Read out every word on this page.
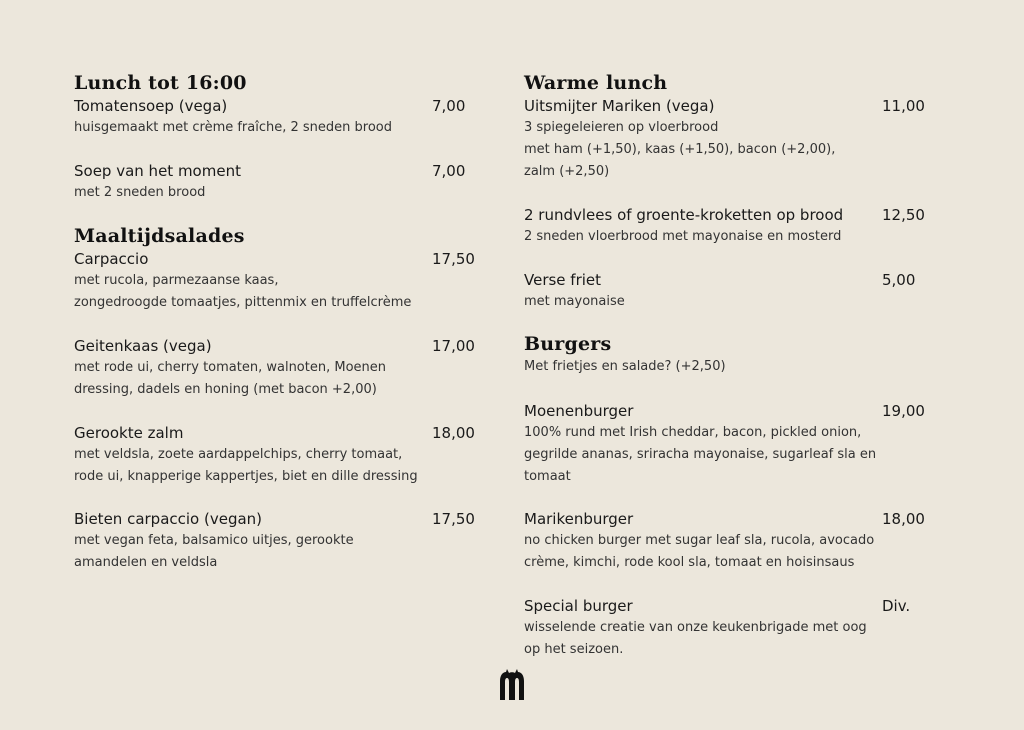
Lunch tot 16:00
Tomatensoep (vega)
huisgemaakt met crème fraîche, 2 sneden brood
7,00
Soep van het moment
met 2 sneden brood
7,00
Maaltijdsalades
Carpaccio
met rucola, parmezaanse kaas,
zongedroogde tomaatjes, pittenmix en truffelcrème
17,50
Geitenkaas (vega)
met rode ui, cherry tomaten, walnoten, Moenen
dressing, dadels en honing (met bacon +2,00)
17,00
Gerookte zalm
met veldsla, zoete aardappelchips, cherry tomaat,
rode ui, knapperige kappertjes, biet en dille dressing
18,00
Bieten carpaccio (vegan)
met vegan feta, balsamico uitjes, gerookte
amandelen en veldsla
17,50
Warme lunch
Uitsmijter Mariken (vega)
3 spiegeleieren op vloerbrood
met ham (+1,50), kaas (+1,50), bacon (+2,00),
zalm (+2,50)
11,00
2 rundvlees of groente-kroketten op brood
2 sneden vloerbrood met mayonaise en mosterd
12,50
Verse friet
met mayonaise
5,00
Burgers
Met frietjes en salade? (+2,50)
Moenenburger
100% rund met Irish cheddar, bacon, pickled onion,
gegrilde ananas, sriracha mayonaise, sugarleaf sla en
tomaat
19,00
Marikenburger
no chicken burger met sugar leaf sla, rucola, avocado
crème, kimchi, rode kool sla, tomaat en hoisinsaus
18,00
Special burger
wisselende creatie van onze keukenbrigade met oog
op het seizoen.
Div.
